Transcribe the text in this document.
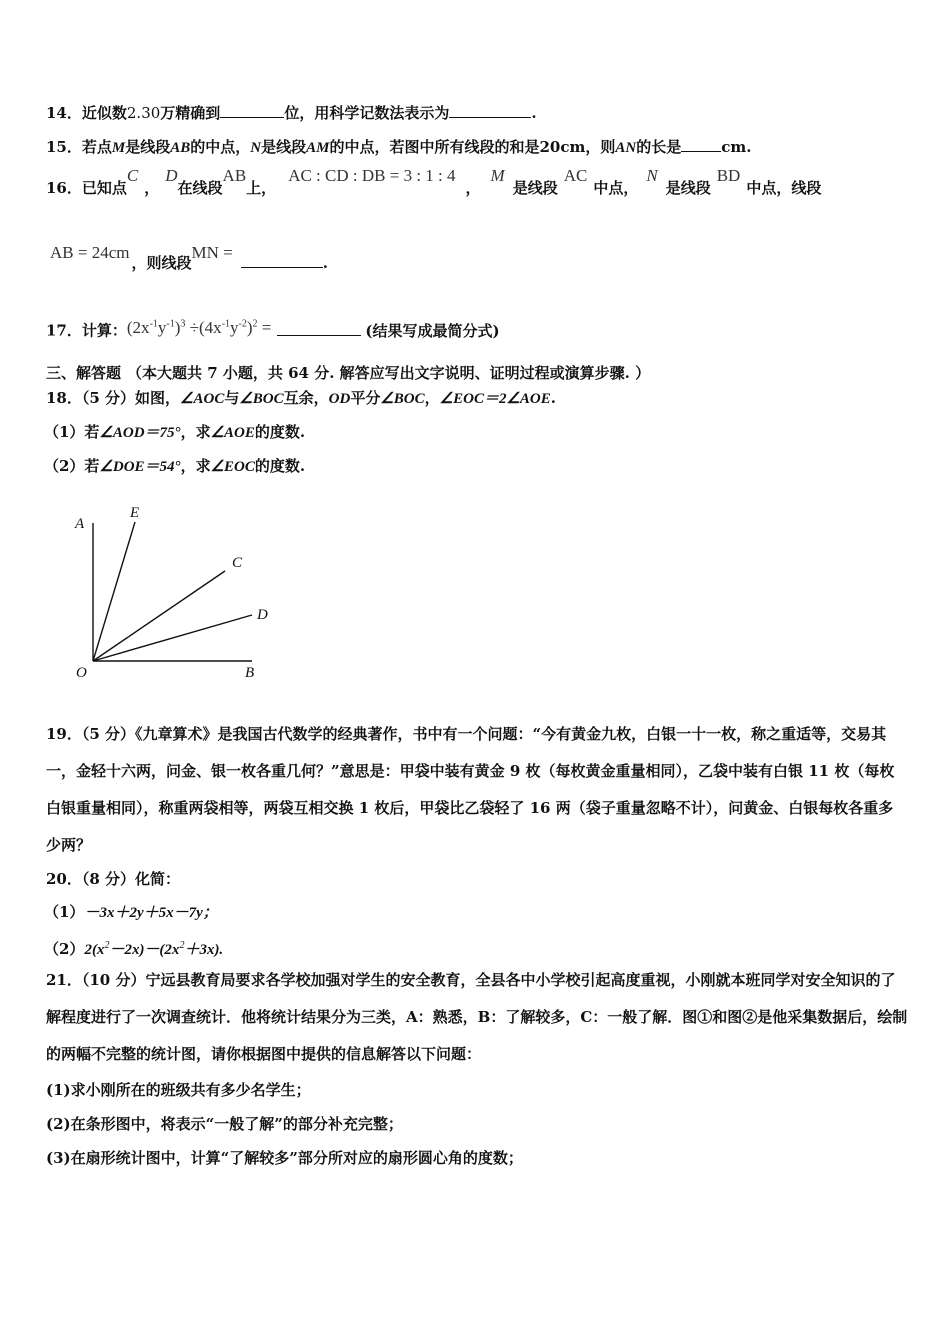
14．近似数2.30万精确到	位，用科学记数法表示为	.
15．若点M是线段AB的中点，N是线段AM的中点，若图中所有线段的和是20cm，则AN的长是	cm.
16．已知点C，D在线段AB上，AC : CD : DB = 3 : 1 : 4，M是线段AC中点，N是线段BD中点，线段
AB = 24cm，则线段MN =.
17．计算：$(2x^{-1}y^{-1})^3 \div(4x^{-1}y^{-2})^2$ =	(结果写成最简分式)
三、解答题 （本大题共 7 小题，共 64 分. 解答应写出文字说明、证明过程或演算步骤. ）
18．（5 分）如图，∠AOC与∠BOC互余，OD平分∠BOC，∠EOC＝2∠AOE.
（1）若∠AOD＝75°，求∠AOE的度数.
（2）若∠DOE＝54°，求∠EOC的度数.
A
E
C
D
O	B
19．（5 分）《九章算术》是我国古代数学的经典著作，书中有一个问题：“今有黄金九枚，白银一十一枚，称之重适等，交易其一，金轻十六两，问金、银一枚各重几何？”意思是：甲袋中装有黄金 9 枚（每枚黄金重量相同），乙袋中装有白银 11 枚（每枚白银重量相同），称重两袋相等，两袋互相交换 1 枚后，甲袋比乙袋轻了 16 两（袋子重量忽略不计），问黄金、白银每枚各重多少两？
20．（8 分）化简：
（1）－3x＋2y＋5x－7y；
$(2)2(x^2-2x)-(2x^2+3x)$.
21．（10 分）宁远县教育局要求各学校加强对学生的安全教育，全县各中小学校引起高度重视，小刚就本班同学对安全知识的了解程度进行了一次调查统计．他将统计结果分为三类，A：熟悉，B：了解较多，C：一般了解．图①和图②是他采集数据后，绘制的两幅不完整的统计图，请你根据图中提供的信息解答以下问题：
(1)求小刚所在的班级共有多少名学生；
(2)在条形图中，将表示“一般了解”的部分补充完整；
(3)在扇形统计图中，计算“了解较多”部分所对应的扇形圆心角的度数；
